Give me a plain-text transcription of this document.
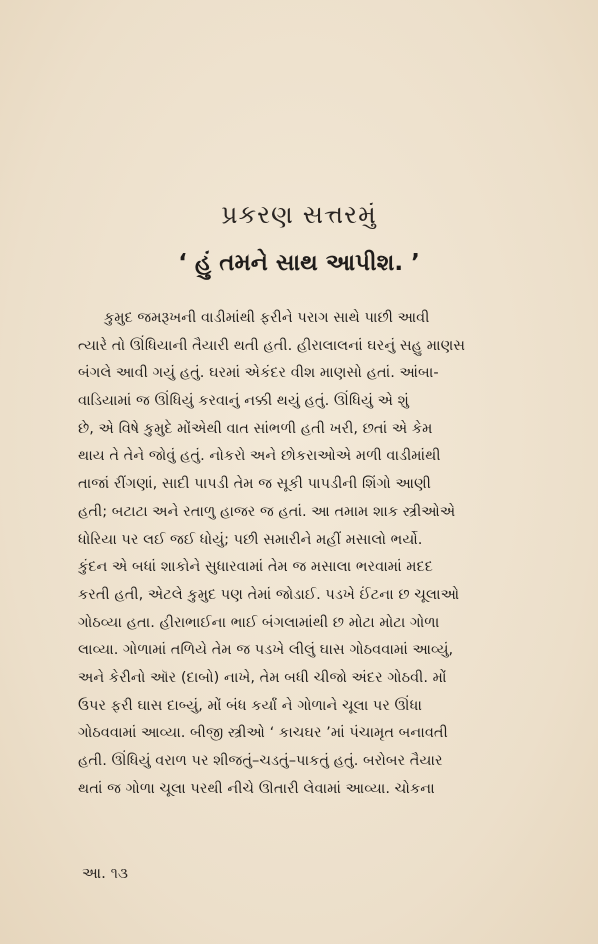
પ્રકરણ સત્તરમું
‘ હું તમને સાથ આપીશ. ’
કુમુદ જમરૂખની વાડીમાંથી ફરીને પરાગ સાથે પાછી આવી
ત્યારે તો ઊંધિયાની તૈયારી થતી હતી. હીરાલાલનાં ઘરનું સહુ માણસ
બંગલે આવી ગયું હતું. ઘરમાં એકંદર વીશ માણસો હતાં. આંબા-
વાડિયામાં જ ઊંધિયું કરવાનું નક્કી થયું હતું. ઊંધિયું એ શું
છે, એ વિષે કુમુદે મોંએથી વાત સાંભળી હતી ખરી, છતાં એ કેમ
થાય તે તેને જોવું હતું. નોકરો અને છોકરાઓએ મળી વાડીમાંથી
તાજાં રીંગણાં, સાદી પાપડી તેમ જ સૂકી પાપડીની શિંગો આણી
હતી; બટાટા અને રતાળુ હાજર જ હતાં. આ તમામ શાક સ્ત્રીઓએ
ધોરિયા પર લઈ જઈ ધોયું; પછી સમારીને મહીં મસાલો ભર્યો.
કુંદન એ બધાં શાકોને સુધારવામાં તેમ જ મસાલા ભરવામાં મદદ
કરતી હતી, એટલે કુમુદ પણ તેમાં જોડાઈ. પડખે ઈંટના છ ચૂલાઓ
ગોઠવ્યા હતા. હીરાભાઈના ભાઈ બંગલામાંથી છ મોટા મોટા ગોળા
લાવ્યા. ગોળામાં તળિયે તેમ જ પડખે લીલું ઘાસ ગોઠવવામાં આવ્યું,
અને કેરીનો ઑર (દાબો) નાખે, તેમ બધી ચીજો અંદર ગોઠવી. મોં
ઉપર ફરી ઘાસ દાબ્યું, મોં બંધ કર્યાં ને ગોળાને ચૂલા પર ઊંધા
ગોઠવવામાં આવ્યા. બીજી સ્ત્રીઓ ‘ કાચઘર ’માં પંચામૃત બનાવતી
હતી. ઊંધિયું વરાળ પર શીજતું–ચડતું–પાકતું હતું. બરોબર તૈયાર
થતાં જ ગોળા ચૂલા પરથી નીચે ઊતારી લેવામાં આવ્યા. ચોકના
આ. ૧૩
